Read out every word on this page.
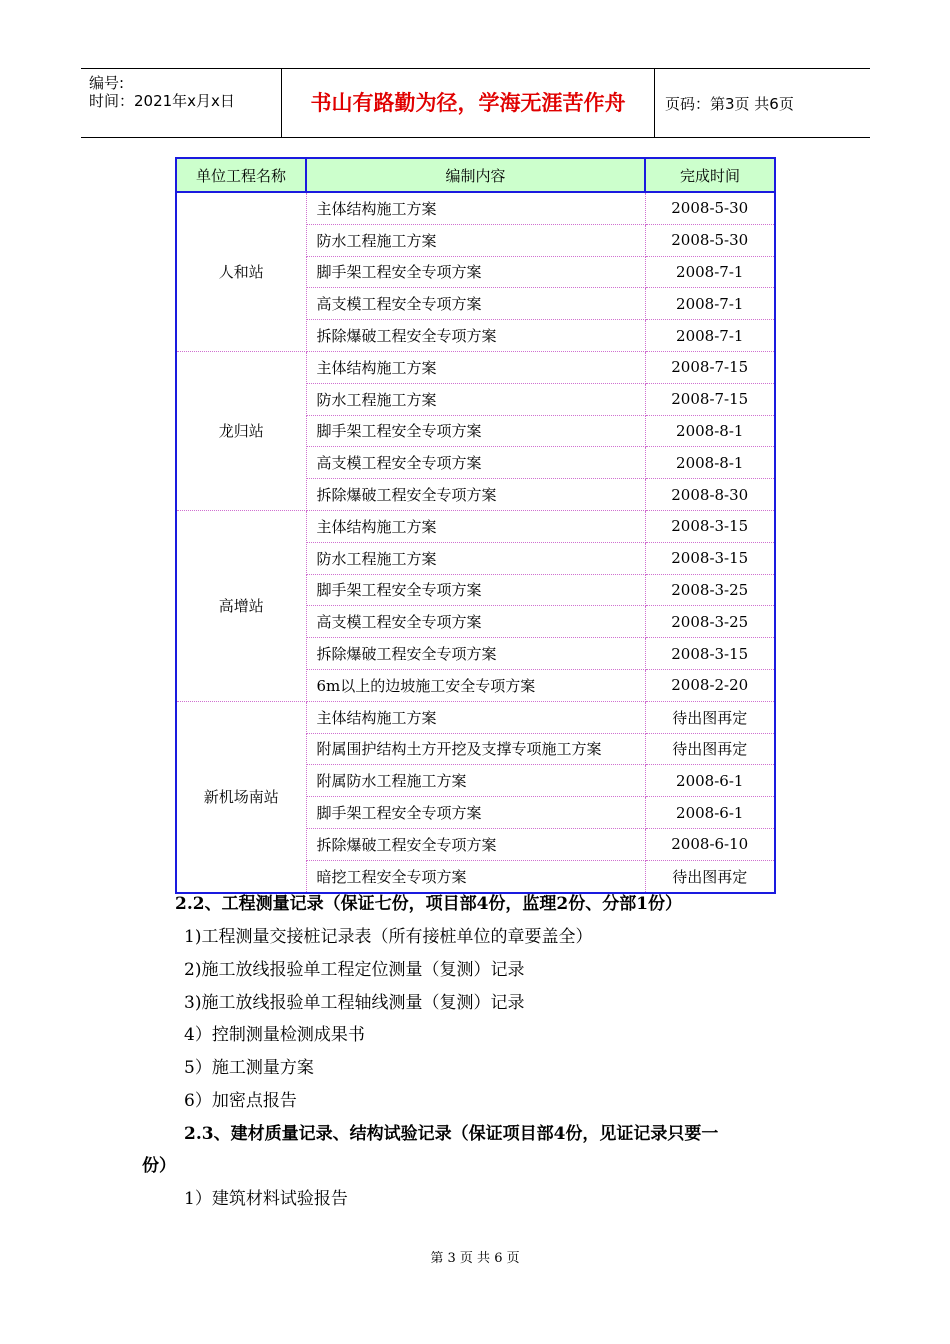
编号:
时间：2021年x月x日	书山有路勤为径，学海无涯苦作舟	页码：第3页 共6页
单位工程名称	编制内容	完成时间
人和站	主体结构施工方案	2008-5-30
	防水工程施工方案	2008-5-30
	脚手架工程安全专项方案	2008-7-1
	高支模工程安全专项方案	2008-7-1
	拆除爆破工程安全专项方案	2008-7-1
龙归站	主体结构施工方案	2008-7-15
	防水工程施工方案	2008-7-15
	脚手架工程安全专项方案	2008-8-1
	高支模工程安全专项方案	2008-8-1
	拆除爆破工程安全专项方案	2008-8-30
高增站	主体结构施工方案	2008-3-15
	防水工程施工方案	2008-3-15
	脚手架工程安全专项方案	2008-3-25
	高支模工程安全专项方案	2008-3-25
	拆除爆破工程安全专项方案	2008-3-15
	6m以上的边坡施工安全专项方案	2008-2-20
新机场南站	主体结构施工方案	待出图再定
	附属围护结构土方开挖及支撑专项施工方案	待出图再定
	附属防水工程施工方案	2008-6-1
	脚手架工程安全专项方案	2008-6-1
	拆除爆破工程安全专项方案	2008-6-10
	暗挖工程安全专项方案	待出图再定
2.2、工程测量记录（保证七份，项目部4份，监理2份、分部1份）
1)工程测量交接桩记录表（所有接桩单位的章要盖全）
2)施工放线报验单工程定位测量（复测）记录
3)施工放线报验单工程轴线测量（复测）记录
4）控制测量检测成果书
5）施工测量方案
6）加密点报告
2.3、建材质量记录、结构试验记录（保证项目部4份，见证记录只要一
份）
1）建筑材料试验报告
第 3 页 共 6 页
